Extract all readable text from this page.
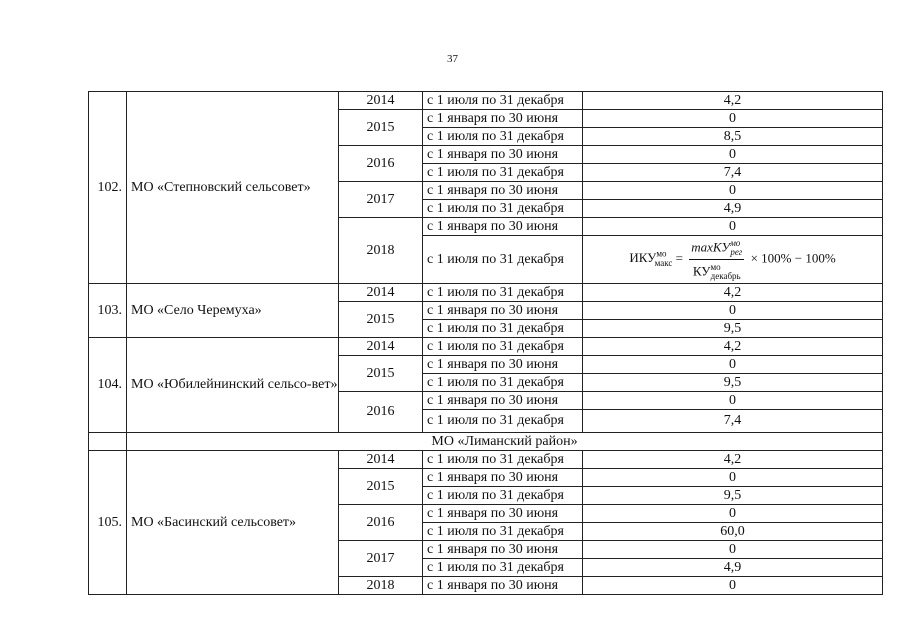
37
102.	МО «Степновский сельсовет»	2014	с 1 июля по 31 декабря	4,2
		2015	с 1 января по 30 июня	0
			с 1 июля по 31 декабря	8,5
		2016	с 1 января по 30 июня	0
			с 1 июля по 31 декабря	7,4
		2017	с 1 января по 30 июня	0
			с 1 июля по 31 декабря	4,9
		2018	с 1 января по 30 июня	0
			с 1 июля по 31 декабря	$ИКУ^{мо}_{макс} = \frac{\max КУ^{мо}_{рег}}{КУ^{мо}_{декабрь}} \times 100\% - 100\%$
103.	МО «Село Черемуха»	2014	с 1 июля по 31 декабря	4,2
		2015	с 1 января по 30 июня	0
			с 1 июля по 31 декабря	9,5
104.	МО «Юбилейнинский сельсо-вет»	2014	с 1 июля по 31 декабря	4,2
		2015	с 1 января по 30 июня	0
			с 1 июля по 31 декабря	9,5
		2016	с 1 января по 30 июня	0
			с 1 июля по 31 декабря	7,4
	МО «Лиманский район»			
105.	МО «Басинский сельсовет»	2014	с 1 июля по 31 декабря	4,2
		2015	с 1 января по 30 июня	0
			с 1 июля по 31 декабря	9,5
		2016	с 1 января по 30 июня	0
			с 1 июля по 31 декабря	60,0
		2017	с 1 января по 30 июня	0
			с 1 июля по 31 декабря	4,9
		2018	с 1 января по 30 июня	0
